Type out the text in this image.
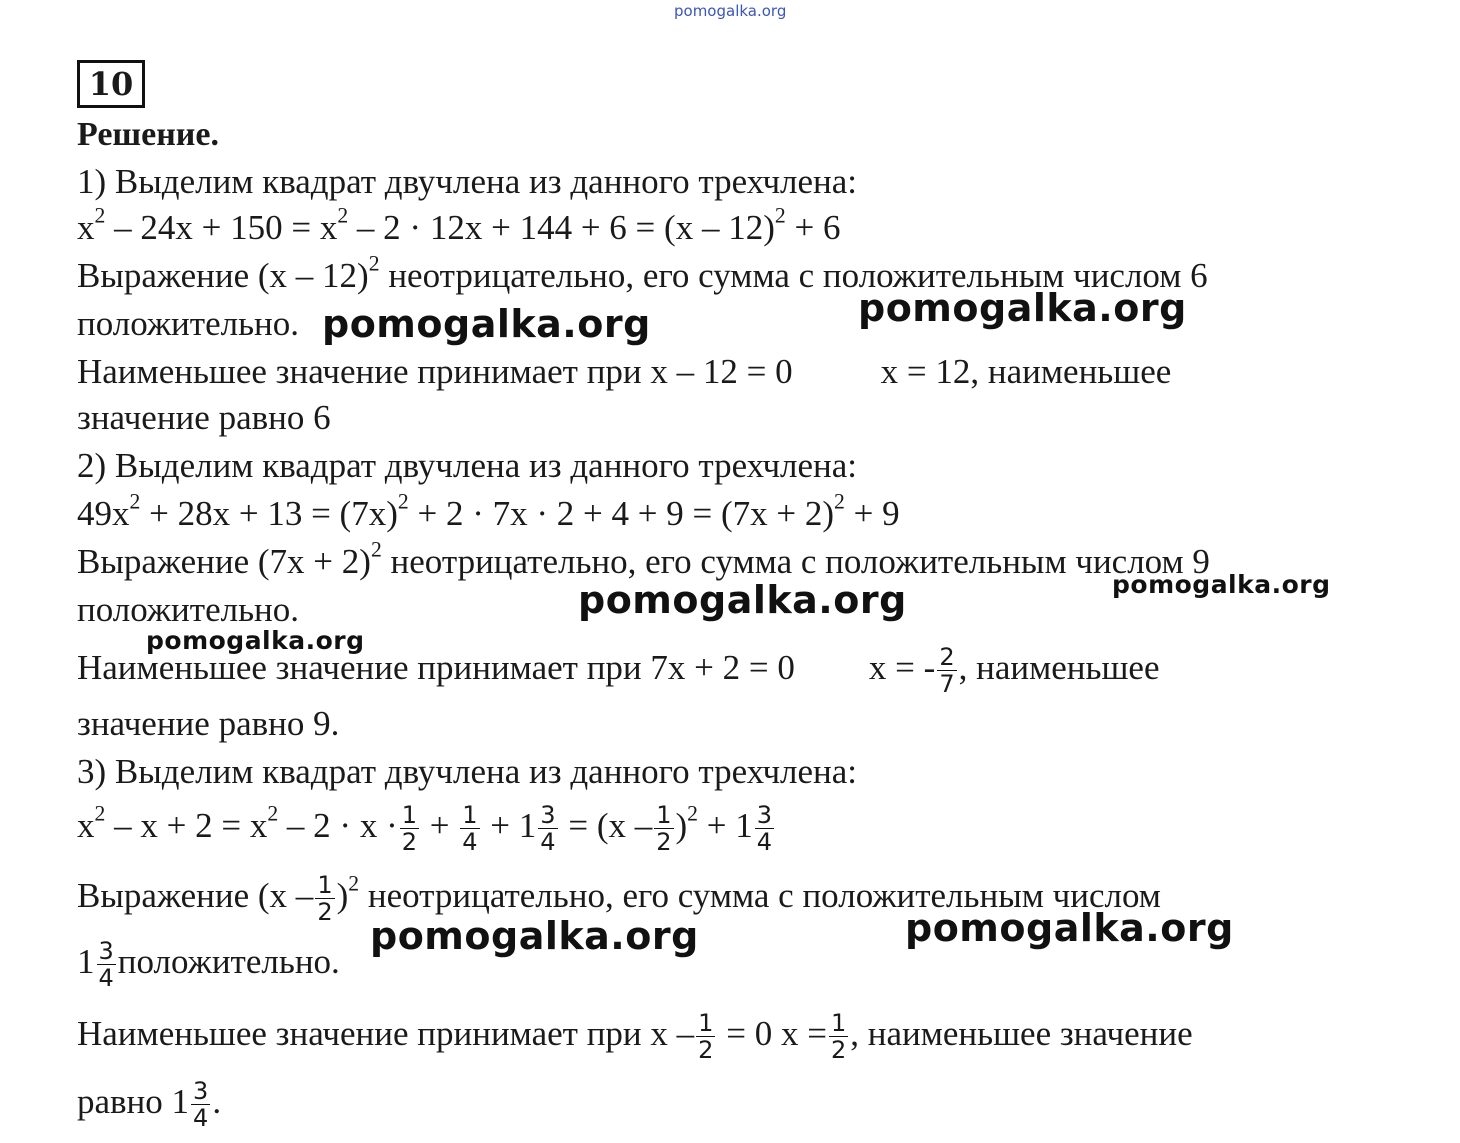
pomogalka.org
10
Решение.
1) Выделим квадрат двучлена из данного трехчлена:
$x^2 - 24x + 150 = x^2 - 2 \cdot 12x + 144 + 6 = (x - 12)^2 + 6$
Выражение (x – 12)$^2$ неотрицательно, его сумма с положительным числом 6
положительно.
Наименьшее значение принимает при x – 12 = 0	x = 12, наименьшее
значение равно 6
2) Выделим квадрат двучлена из данного трехчлена:
$49x^2 + 28x + 13 = (7x)^2 + 2 \cdot 7x \cdot 2 + 4 + 9 = (7x + 2)^2 + 9$
Выражение $(7x + 2)^2$ неотрицательно, его сумма с положительным числом 9
положительно.
Наименьшее значение принимает при 7x + 2 = 0 x = - $\frac{2}{7}$ , наименьшее
значение равно 9.
3) Выделим квадрат двучлена из данного трехчлена:
$x^2 - x + 2 = x^2 - 2 \cdot x \cdot \frac{1}{2} + \frac{1}{4} + 1 \frac{3}{4} = (x - \frac{1}{2} )^2 + 1 \frac{3}{4}$
Выражение $(x - \frac{1}{2} )^2$ неотрицательно, его сумма с положительным числом
$1 \frac{3}{4}$ положительно.
Наименьшее значение принимает при $x - \frac{1}{2} = 0$ $x = \frac{1}{2}$ , наименьшее значение
равно $1 \frac{3}{4}$ .
pomogalka.org	pomogalka.org
pomogalka.org	pomogalka.org
pomogalka.org
pomogalka.org	pomogalka.org
